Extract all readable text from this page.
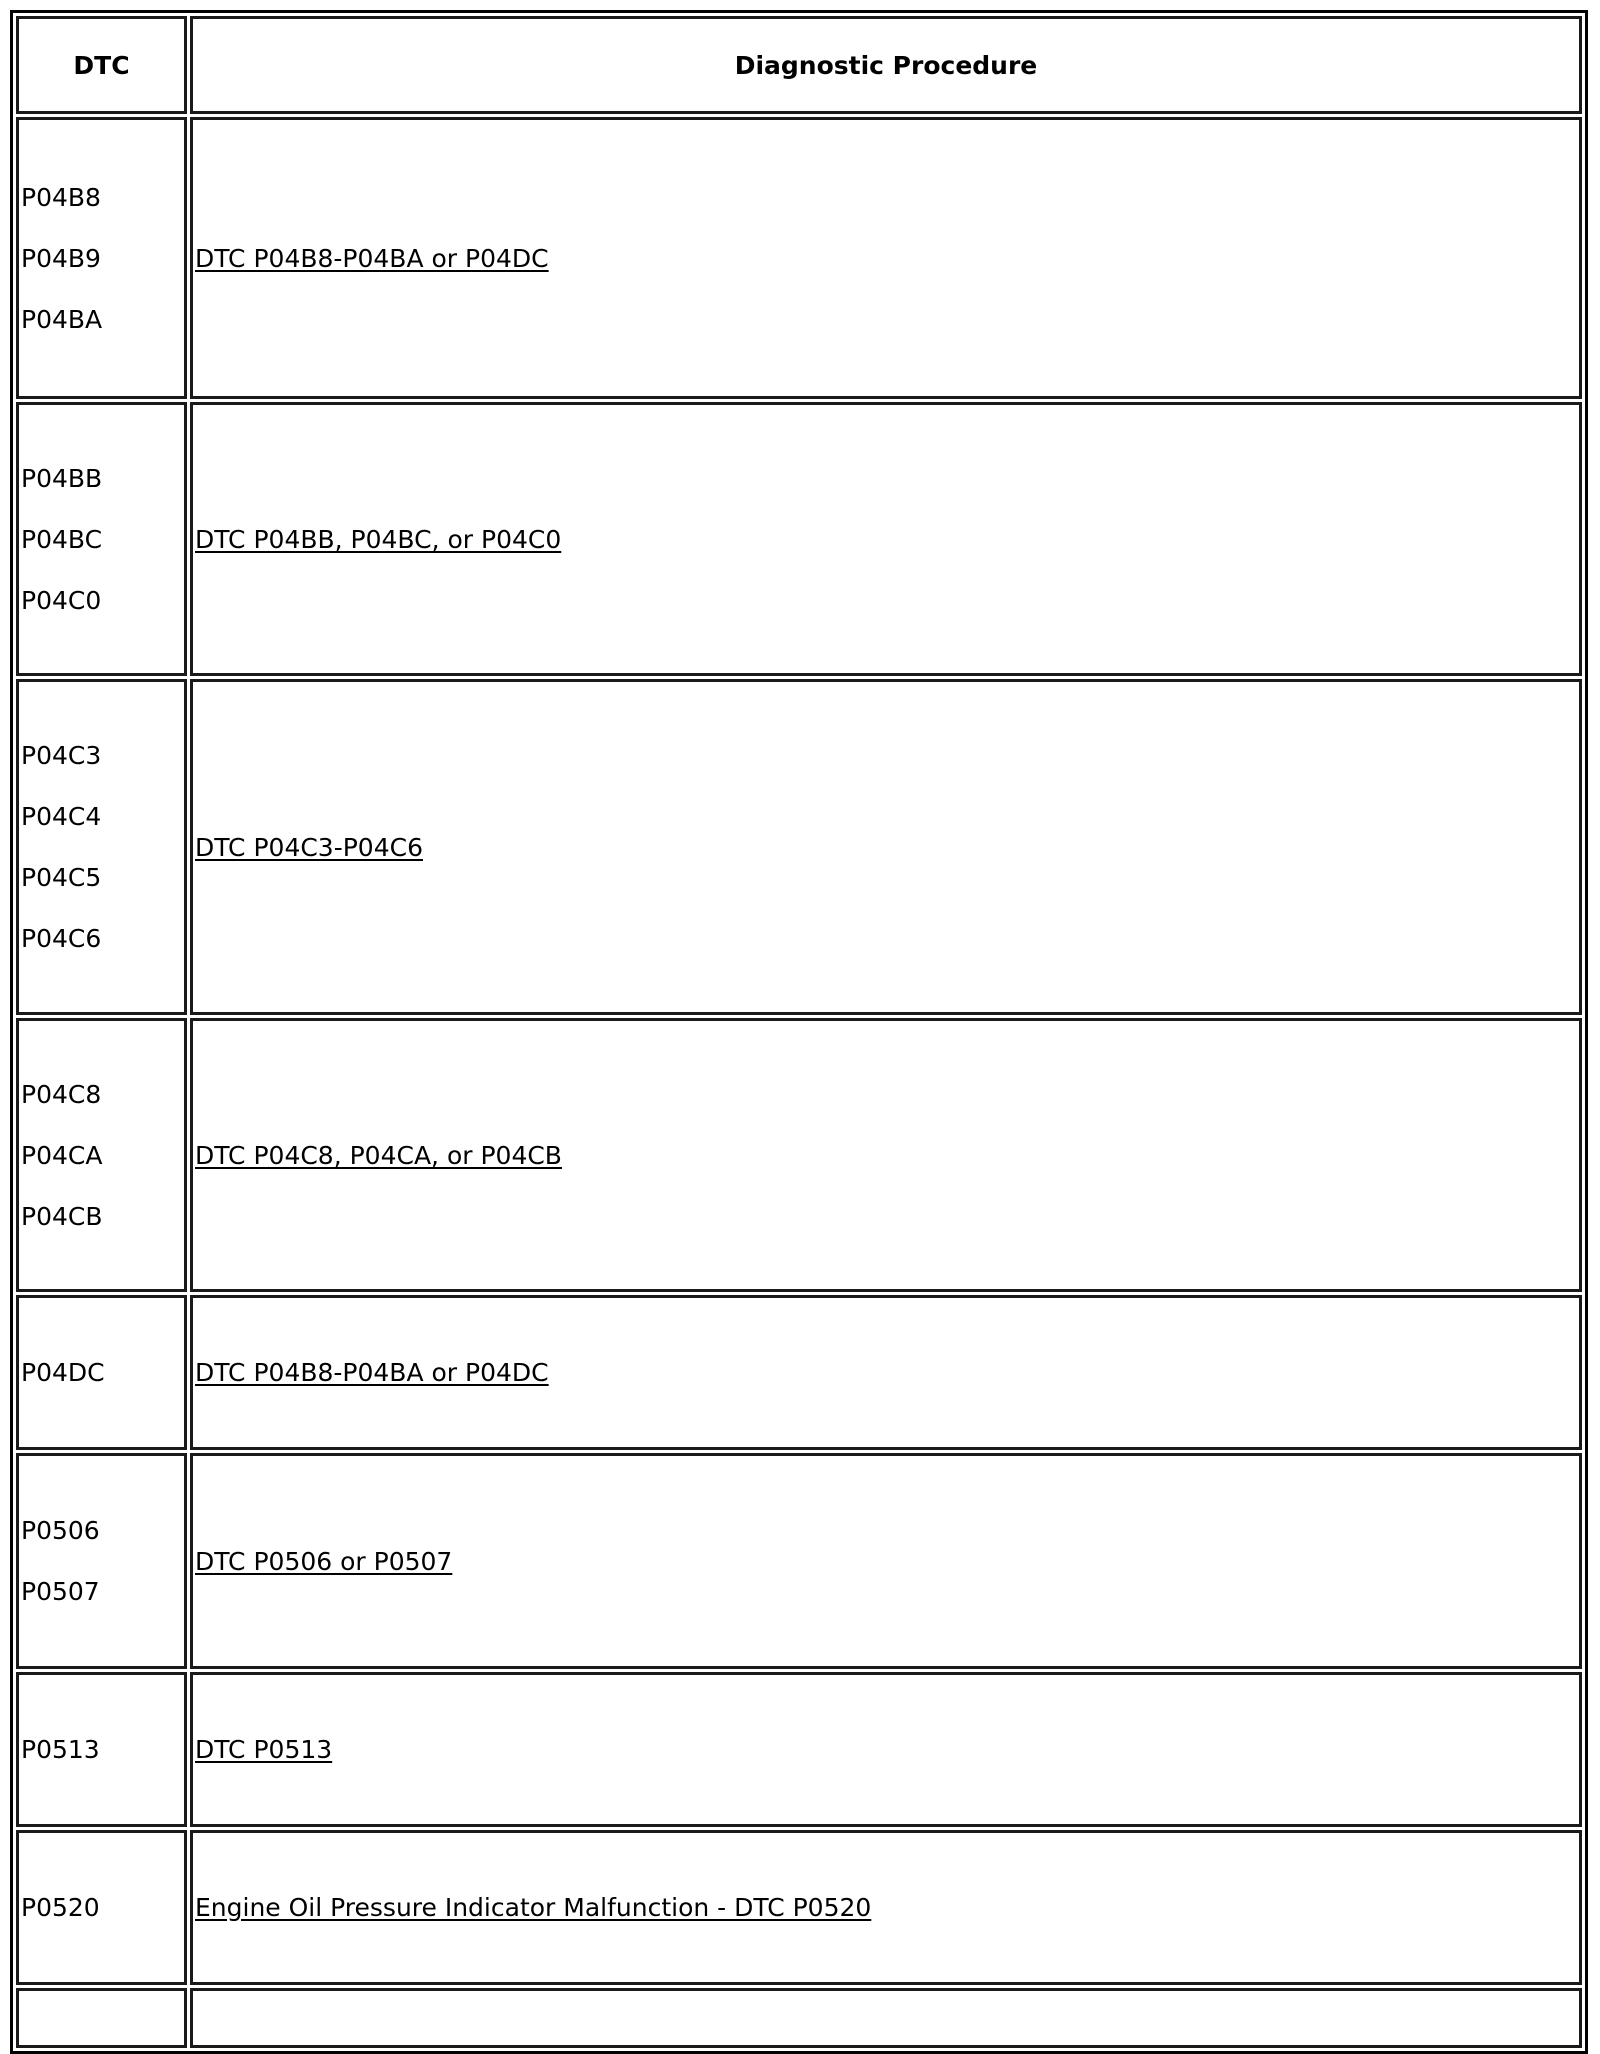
DTC	Diagnostic Procedure

P04B8
P04B9
P04BA	DTC P04B8-P04BA or P04DC

P04BB
P04BC
P04C0	DTC P04BB, P04BC, or P04C0

P04C3
P04C4
P04C5
P04C6	DTC P04C3-P04C6

P04C8
P04CA
P04CB	DTC P04C8, P04CA, or P04CB

P04DC	DTC P04B8-P04BA or P04DC

P0506
P0507	DTC P0506 or P0507

P0513	DTC P0513

P0520	Engine Oil Pressure Indicator Malfunction - DTC P0520
